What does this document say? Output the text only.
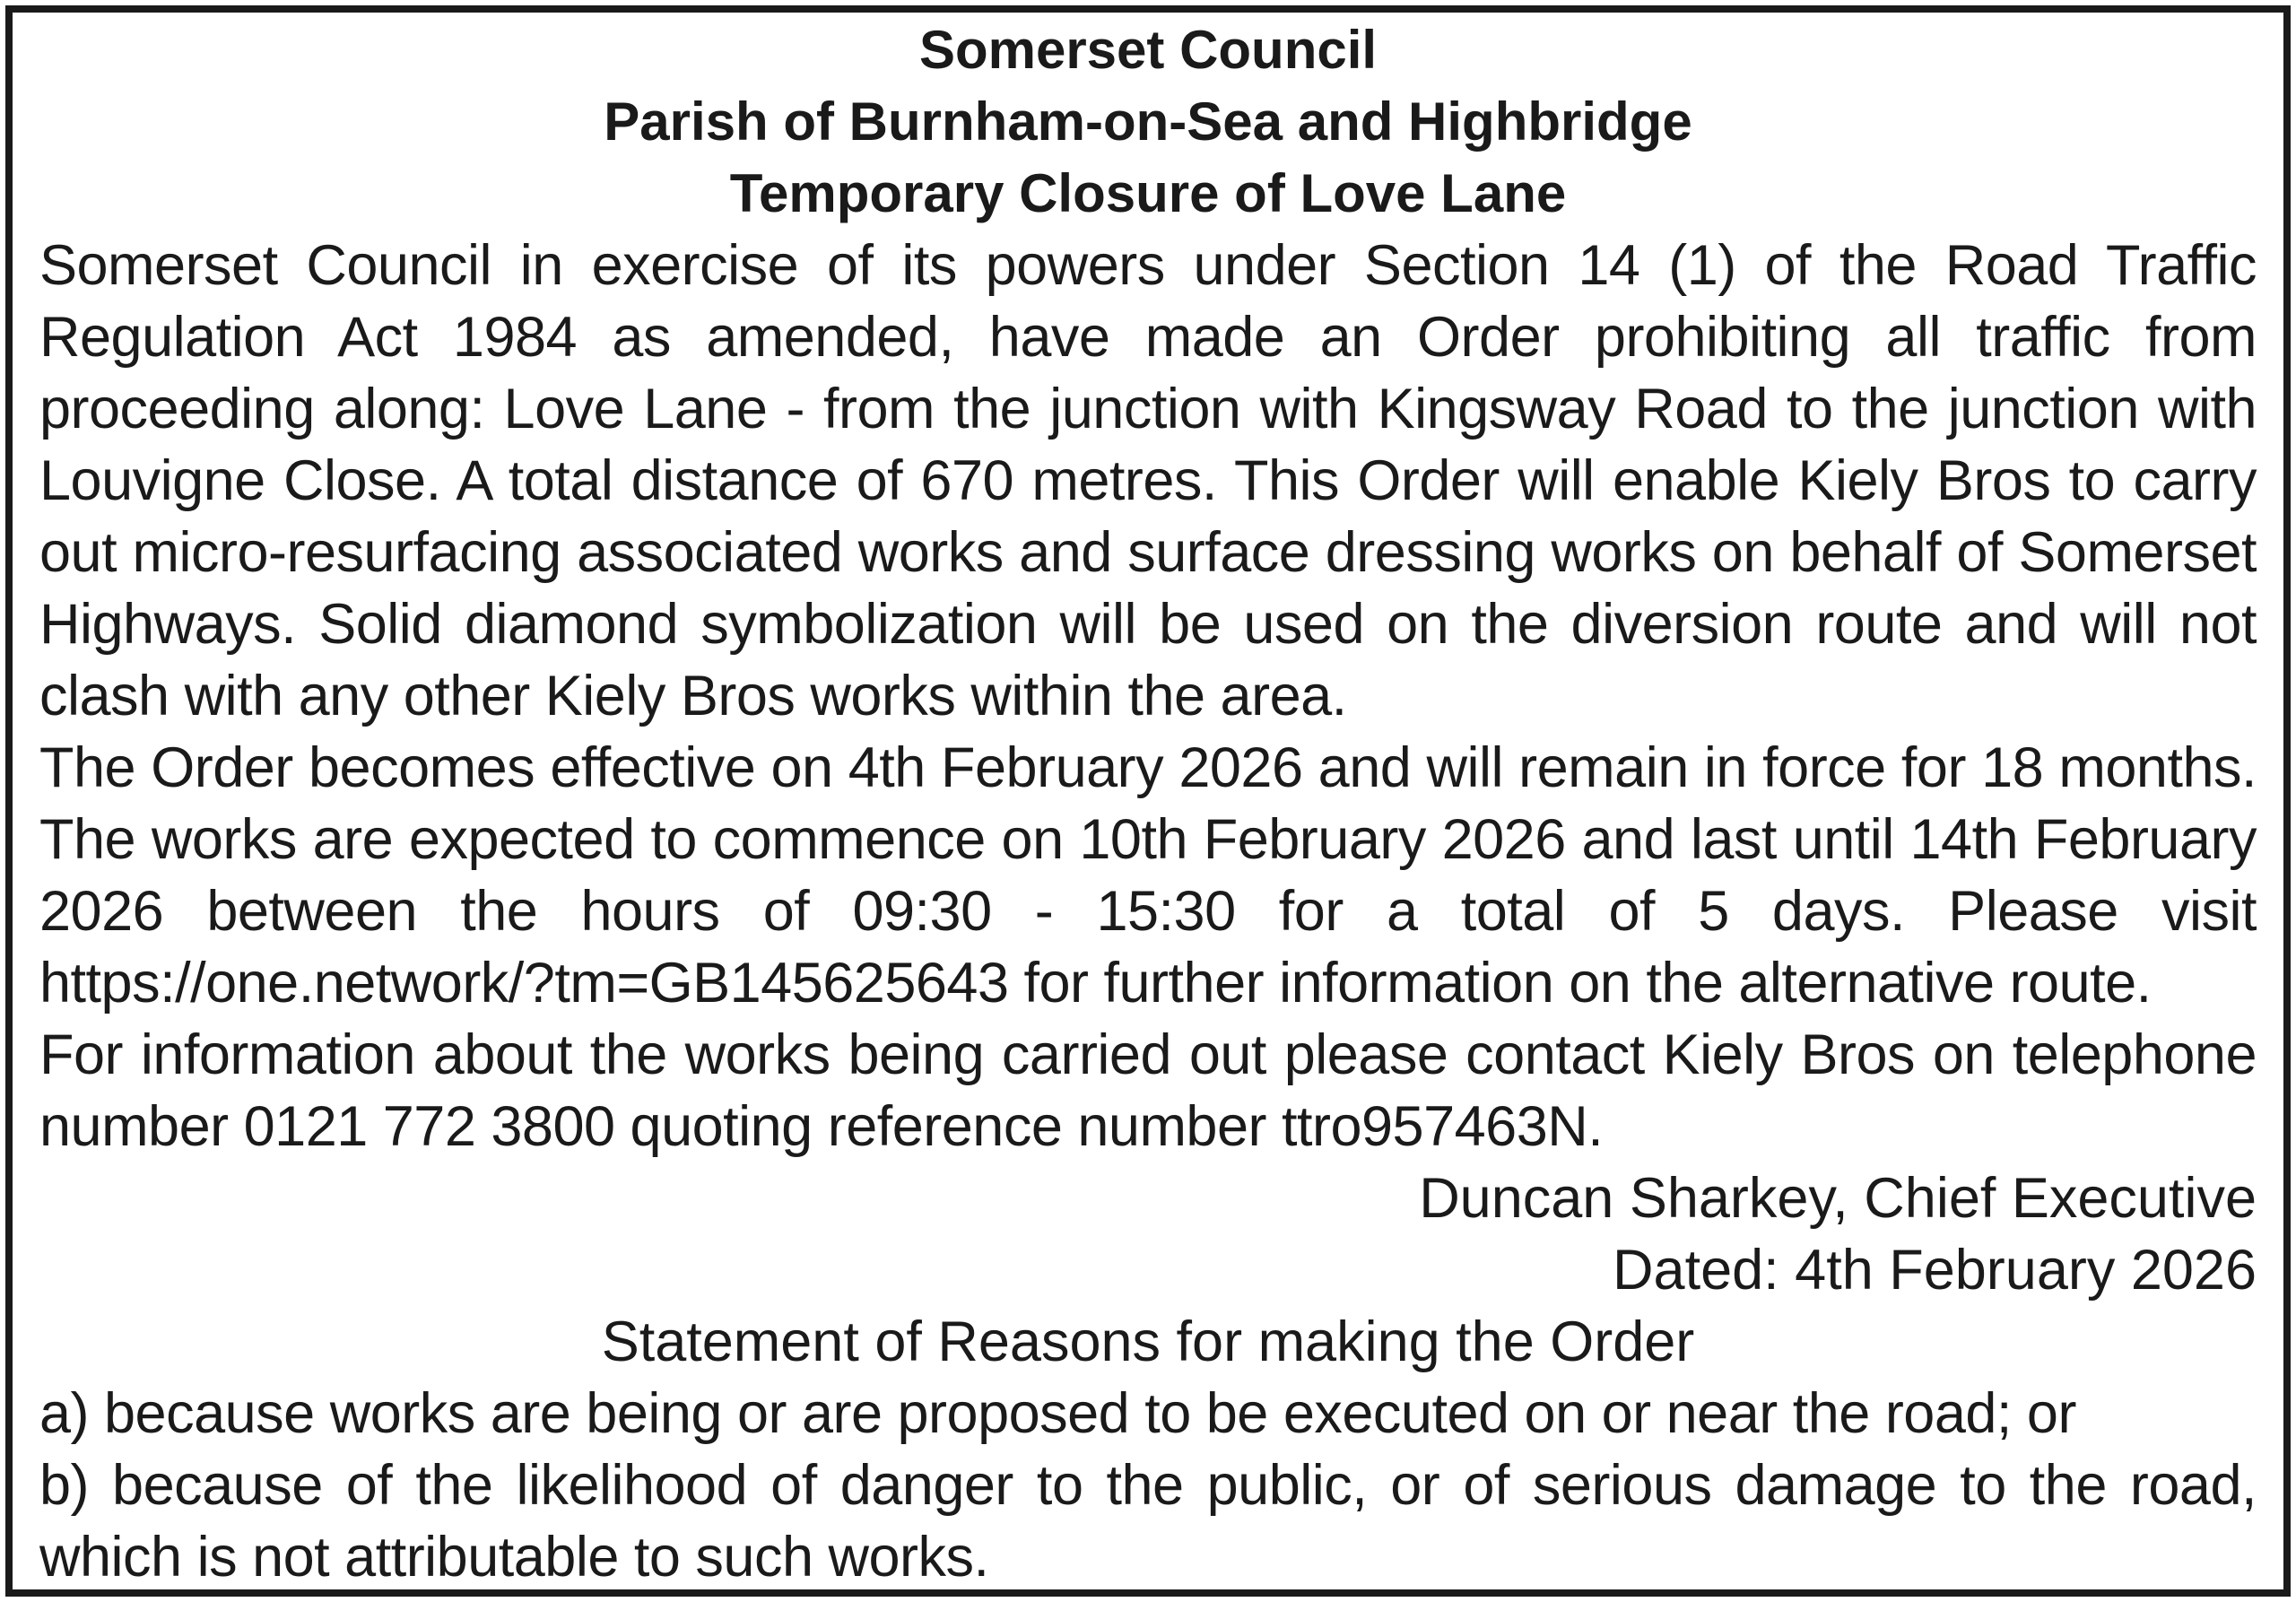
Somerset Council

Parish of Burnham-on-Sea and Highbridge

Temporary Closure of Love Lane

Somerset Council in exercise of its powers under Section 14 (1) of the Road Traffic Regulation Act 1984 as amended, have made an Order prohibiting all traffic from proceeding along: Love Lane - from the junction with Kingsway Road to the junction with Louvigne Close. A total distance of 670 metres. This Order will enable Kiely Bros to carry out micro-resurfacing associated works and surface dressing works on behalf of Somerset Highways. Solid diamond symbolization will be used on the diversion route and will not clash with any other Kiely Bros works within the area.

The Order becomes effective on 4th February 2026 and will remain in force for 18 months. The works are expected to commence on 10th February 2026 and last until 14th February 2026 between the hours of 09:30 - 15:30 for a total of 5 days. Please visit https://one.network/?tm=GB145625643 for further information on the alternative route.

For information about the works being carried out please contact Kiely Bros on telephone number 0121 772 3800 quoting reference number ttro957463N.

Duncan Sharkey, Chief Executive

Dated: 4th February 2026

Statement of Reasons for making the Order

a) because works are being or are proposed to be executed on or near the road; or

b) because of the likelihood of danger to the public, or of serious damage to the road, which is not attributable to such works.
